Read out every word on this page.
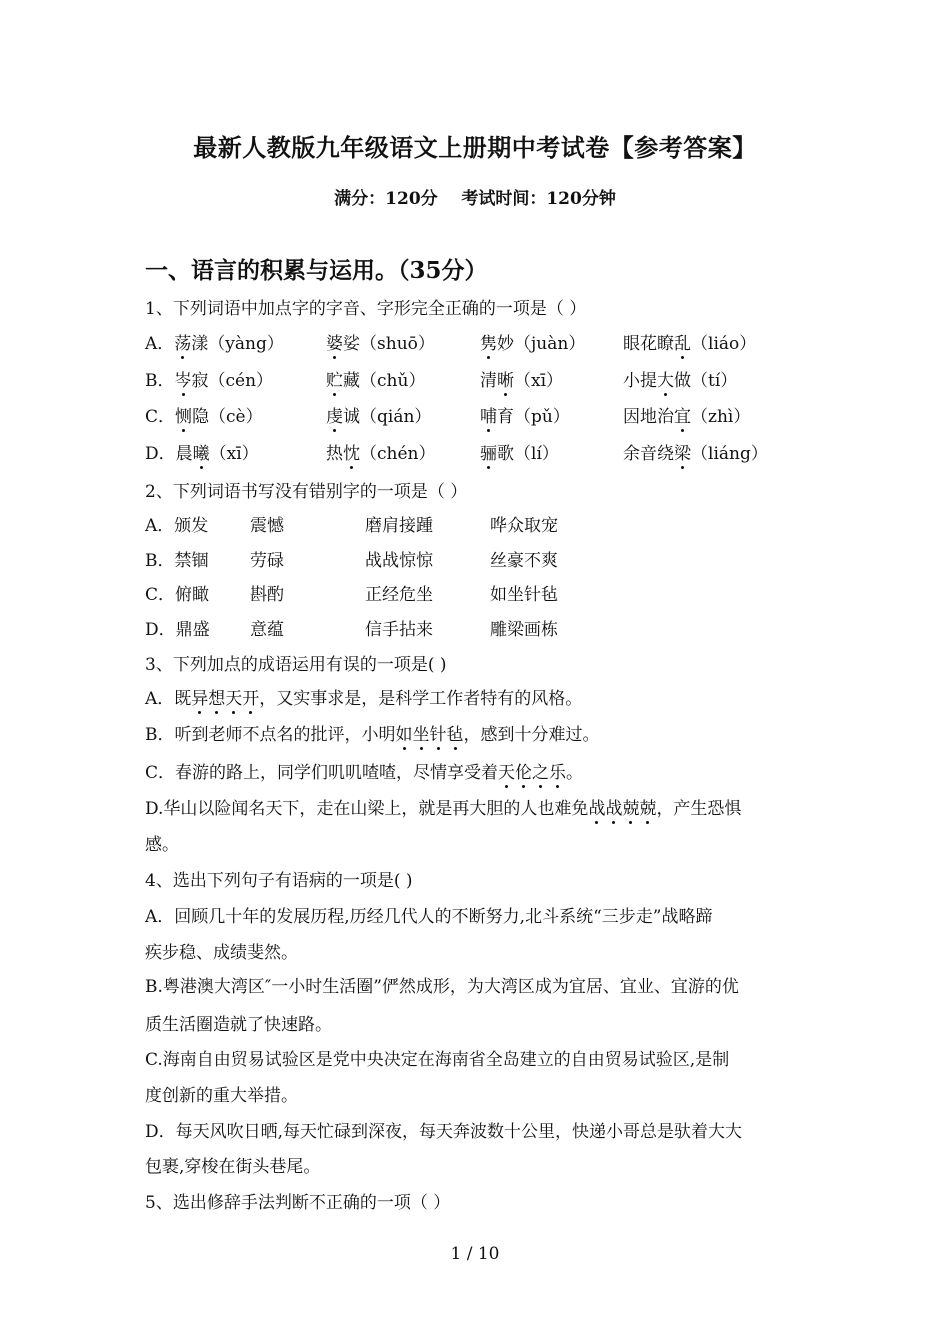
最新人教版九年级语文上册期中考试卷【参考答案】
满分：120分    考试时间：120分钟
一、语言的积累与运用。（35分）
1、下列词语中加点字的字音、字形完全正确的一项是（ ）
A．荡漾（yàng） 婆娑（shuō）	隽妙（juàn） 眼花瞭乱（liáo）
B．岑寂（cén）	贮藏（chǔ）	清晰（xī）	小提大做（tí）
C．恻隐（cè）	虔诚（qián）	哺育（pǔ）	因地治宜（zhì）
D．晨曦（xī）	热忱（chén）	骊歌（lí）	余音绕梁（liáng）
2、下列词语书写没有错别字的一项是（ ）
A．颁发 震憾	磨肩接踵	哗众取宠
B．禁锢 劳碌	战战惊惊	丝豪不爽
C．俯瞰 斟酌	正经危坐	如坐针毡
D．鼎盛 意蕴	信手拈来	雕梁画栋
3、下列加点的成语运用有误的一项是( )
A．既异想天开，又实事求是，是科学工作者特有的风格。
B．听到老师不点名的批评，小明如坐针毡，感到十分难过。
C．春游的路上，同学们叽叽喳喳，尽情享受着天伦之乐。
D.华山以险闻名天下，走在山梁上，就是再大胆的人也难免战战兢兢，产生恐惧
感。
4、选出下列句子有语病的一项是( )
A．回顾几十年的发展历程,历经几代人的不断努力,北斗系统“三步走”战略蹄
疾步稳、成绩斐然。
B.粤港澳大湾区″一小时生活圈”俨然成形，为大湾区成为宜居、宜业、宜游的优
质生活圈造就了快速路。
C.海南自由贸易试验区是党中央决定在海南省全岛建立的自由贸易试验区,是制
度创新的重大举措。
D．每天风吹日晒,每天忙碌到深夜，每天奔波数十公里，快递小哥总是驮着大大
包裹,穿梭在街头巷尾。
5、选出修辞手法判断不正确的一项（ ）
1 / 10
